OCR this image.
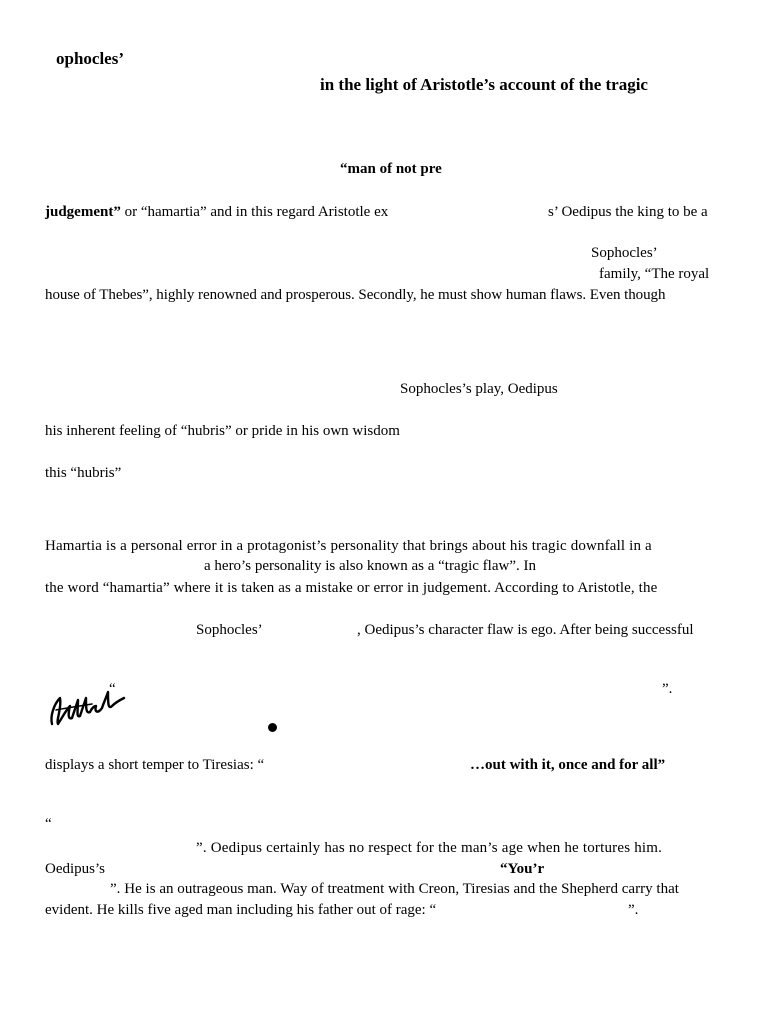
ophocles’
in the light of Aristotle’s account of the tragic
“man of not pre
judgement” or “hamartia” and in this regard Aristotle ex	s’ Oedipus the king to be a
Sophocles’
family, “The royal
house of Thebes”, highly renowned and prosperous. Secondly, he must show human flaws. Even though
Sophocles’s play, Oedipus
his inherent feeling of “hubris” or pride in his own wisdom
this “hubris”
Hamartia is a personal error in a protagonist’s personality that brings about his tragic downfall in a
a hero’s personality is also known as a “tragic flaw”. In
the word “hamartia” where it is taken as a mistake or error in judgement. According to Aristotle, the
Sophocles’	, Oedipus’s character flaw is ego. After being successful
“	”.
displays a short temper to Tiresias: “	…out with it, once and for all”
“
”. Oedipus certainly has no respect for the man’s age when he tortures him.
Oedipus’s	“You’r
”. He is an outrageous man. Way of treatment with Creon, Tiresias and the Shepherd carry that
evident. He kills five aged man including his father out of rage: “	”.
